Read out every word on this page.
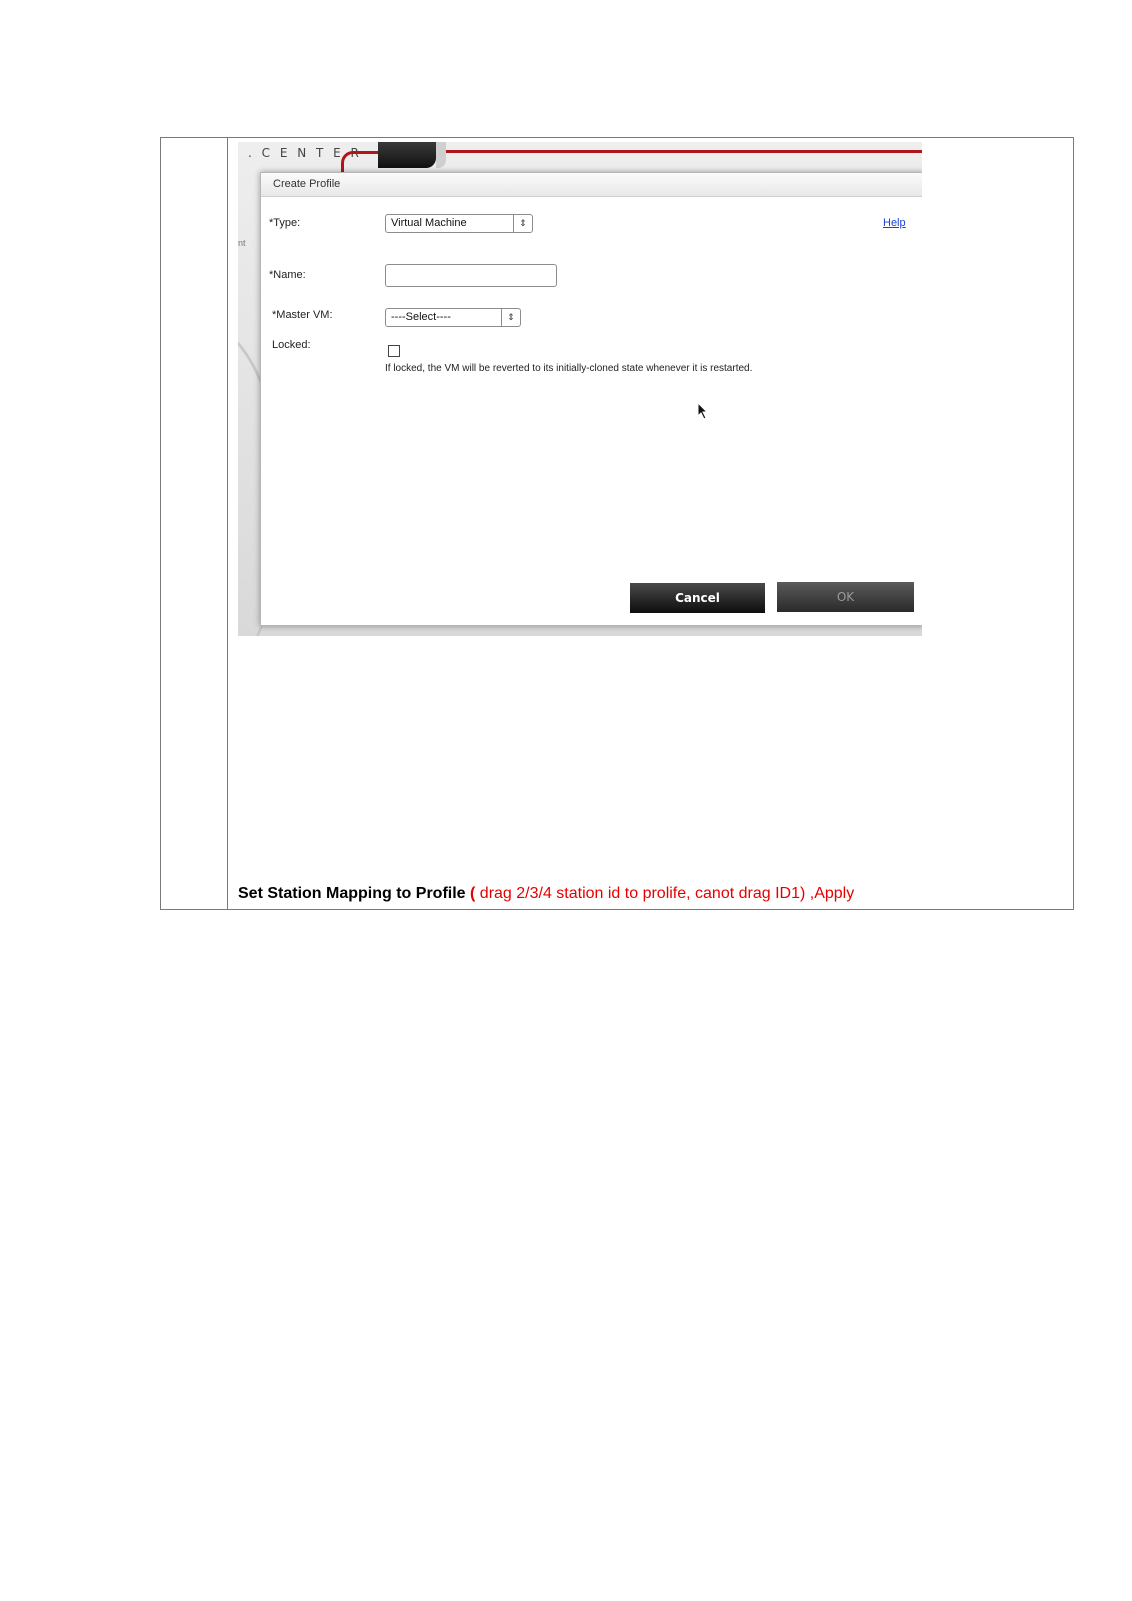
. C E N T E R
nt
Create Profile
*Type:	Virtual Machine	⇕	Help
*Name:
*Master VM:	----Select----	⇕
Locked:
If locked, the VM will be reverted to its initially-cloned state whenever it is restarted.
Cancel	OK
Set Station Mapping to Profile ( drag 2/3/4 station id to prolife, canot drag ID1) ,Apply
